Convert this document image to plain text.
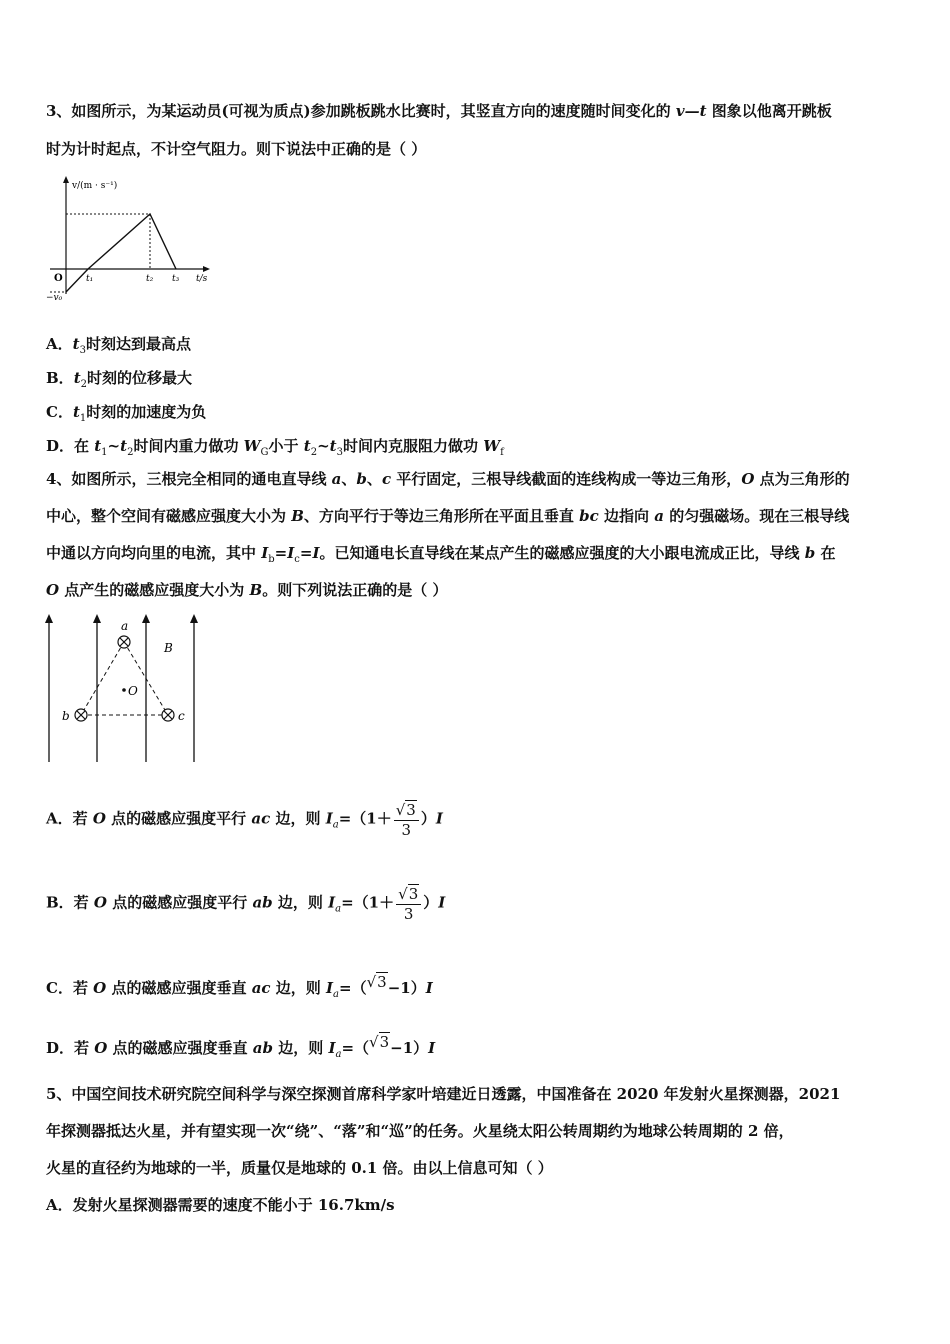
3、如图所示，为某运动员(可视为质点)参加跳板跳水比赛时，其竖直方向的速度随时间变化的 v—t 图象以他离开跳板
时为计时起点，不计空气阻力。则下说法中正确的是（ ）
v/(m · s⁻¹)
O
−v₀
t₁	t₂ t₃ t/s
A．$t_3$时刻达到最高点
B．$t_2$时刻的位移最大
C．$t_1$时刻的加速度为负
D．在 $t_1\sim t_2$时间内重力做功 $W_G$小于 $t_2\sim t_3$时间内克服阻力做功 $W_f$
4、如图所示，三根完全相同的通电直导线 a、b、c 平行固定，三根导线截面的连线构成一等边三角形，O 点为三角形的
中心，整个空间有磁感应强度大小为 B、方向平行于等边三角形所在平面且垂直 bc 边指向 a 的匀强磁场。现在三根导线
中通以方向均向里的电流，其中 $I_b=I_c=I$。已知通电长直导线在某点产生的磁感应强度的大小跟电流成正比，导线 b 在
O 点产生的磁感应强度大小为 B。则下列说法正确的是（ ）
a
b	c
O
B
A．若 O 点的磁感应强度平行 ac 边，则 $I_a=(1+ \frac{√3}{3} )I$
B．若 O 点的磁感应强度平行 ab 边，则 $I_a=(1+ \frac{√3}{3} )I$
C．若 O 点的磁感应强度垂直 ac 边，则 $I_a=(√3-1)I$
D．若 O 点的磁感应强度垂直 ab 边，则 $I_a=(√3-1)I$
5、中国空间技术研究院空间科学与深空探测首席科学家叶培建近日透露，中国准备在 2020 年发射火星探测器，2021
年探测器抵达火星，并有望实现一次“绕”、“落”和“巡”的任务。火星绕太阳公转周期约为地球公转周期的 2 倍，
火星的直径约为地球的一半，质量仅是地球的 0.1 倍。由以上信息可知（ ）
A．发射火星探测器需要的速度不能小于 16.7km/s
